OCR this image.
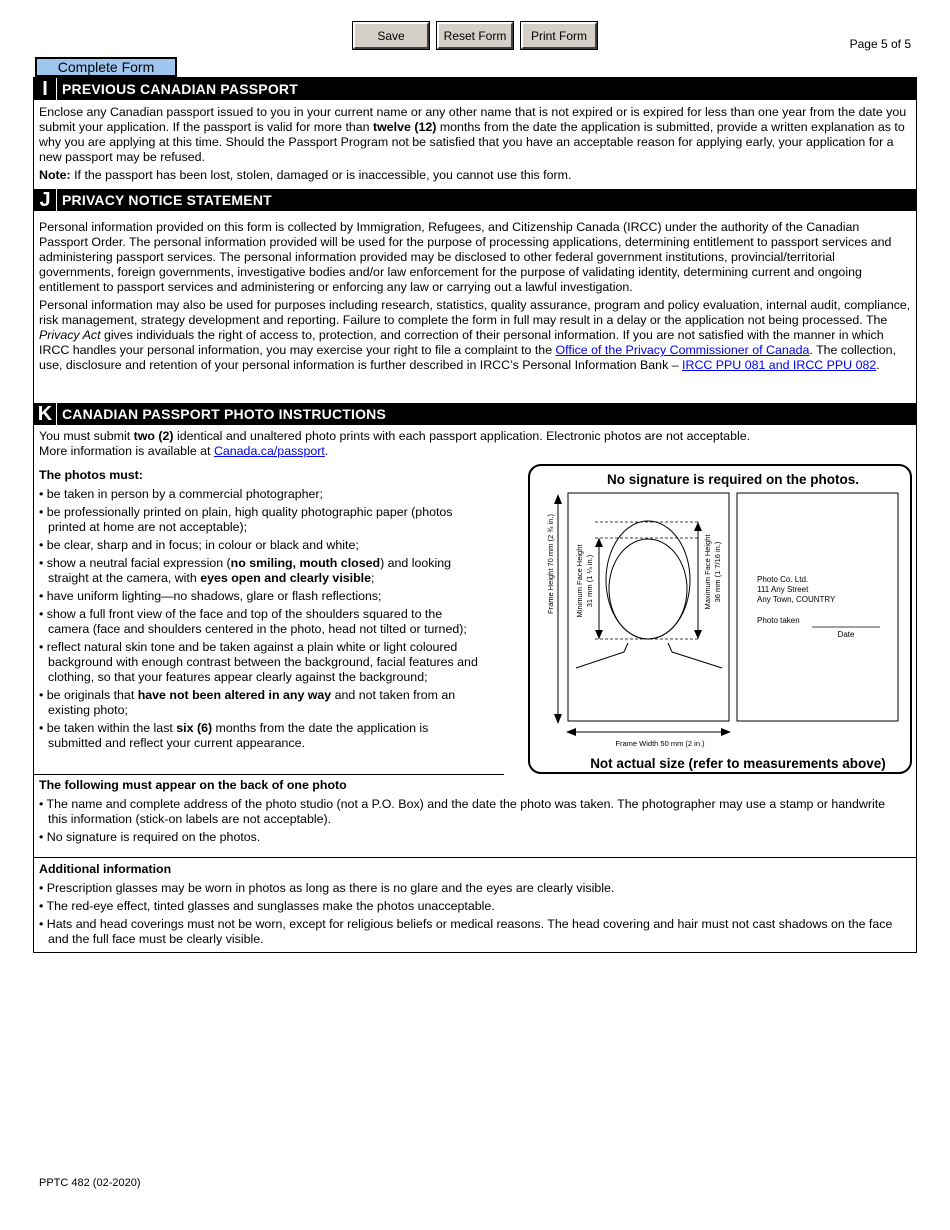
Save	Reset Form	Print Form
Page 5 of 5
Complete Form
I	PREVIOUS CANADIAN PASSPORT

Enclose any Canadian passport issued to you in your current name or any other name that is not expired or is expired for less than one year from the date you submit your application. If the passport is valid for more than twelve (12) months from the date the application is submitted, provide a written explanation as to why you are applying at this time. Should the Passport Program not be satisfied that you have an acceptable reason for applying early, your application for a new passport may be refused.

Note: If the passport has been lost, stolen, damaged or is inaccessible, you cannot use this form.

J PRIVACY NOTICE STATEMENT

Personal information provided on this form is collected by Immigration, Refugees, and Citizenship Canada (IRCC) under the authority of the Canadian Passport Order. The personal information provided will be used for the purpose of processing applications, determining entitlement to passport services and administering passport services. The personal information provided may be disclosed to other federal government institutions, provincial/territorial governments, foreign governments, investigative bodies and/or law enforcement for the purpose of validating identity, determining current and ongoing entitlement to passport services and administering or enforcing any law or carrying out a lawful investigation.

Personal information may also be used for purposes including research, statistics, quality assurance, program and policy evaluation, internal audit, compliance, risk management, strategy development and reporting. Failure to complete the form in full may result in a delay or the application not being processed. The Privacy Act gives individuals the right of access to, protection, and correction of their personal information. If you are not satisfied with the manner in which IRCC handles your personal information, you may exercise your right to file a complaint to the Office of the Privacy Commissioner of Canada. The collection, use, disclosure and retention of your personal information is further described in IRCC’s Personal Information Bank – IRCC PPU 081 and IRCC PPU 082.

K CANADIAN PASSPORT PHOTO INSTRUCTIONS
You must submit two (2) identical and unaltered photo prints with each passport application. Electronic photos are not acceptable.
More information is available at Canada.ca/passport.
The photos must:
• be taken in person by a commercial photographer;
• be professionally printed on plain, high quality photographic paper (photos printed at home are not acceptable);
• be clear, sharp and in focus; in colour or black and white;
• show a neutral facial expression (no smiling, mouth closed) and looking straight at the camera, with eyes open and clearly visible;
• have uniform lighting—no shadows, glare or flash reflections;
• show a full front view of the face and top of the shoulders squared to the camera (face and shoulders centered in the photo, head not tilted or turned);
• reflect natural skin tone and be taken against a plain white or light coloured background with enough contrast between the background, facial features and clothing, so that your features appear clearly against the background;
• be originals that have not been altered in any way and not taken from an existing photo;
• be taken within the last six (6) months from the date the application is submitted and reflect your current appearance.
No signature is required on the photos.
Frame Height 70 mm (2 ¾ in.)	Minimum Face Height 31 mm (1 ¼ in.)	Maximum Face Height 36 mm (1 7/16 in.)
Frame Width 50 mm (2 in.)
Photo Co. Ltd.
111 Any Street
Any Town, COUNTRY
Photo taken
Date
Not actual size (refer to measurements above)
The following must appear on the back of one photo
• The name and complete address of the photo studio (not a P.O. Box) and the date the photo was taken. The photographer may use a stamp or handwrite this information (stick-on labels are not acceptable).
• No signature is required on the photos.
Additional information
• Prescription glasses may be worn in photos as long as there is no glare and the eyes are clearly visible.
• The red-eye effect, tinted glasses and sunglasses make the photos unacceptable.
• Hats and head coverings must not be worn, except for religious beliefs or medical reasons. The head covering and hair must not cast shadows on the face and the full face must be clearly visible.
PPTC 482 (02-2020)
